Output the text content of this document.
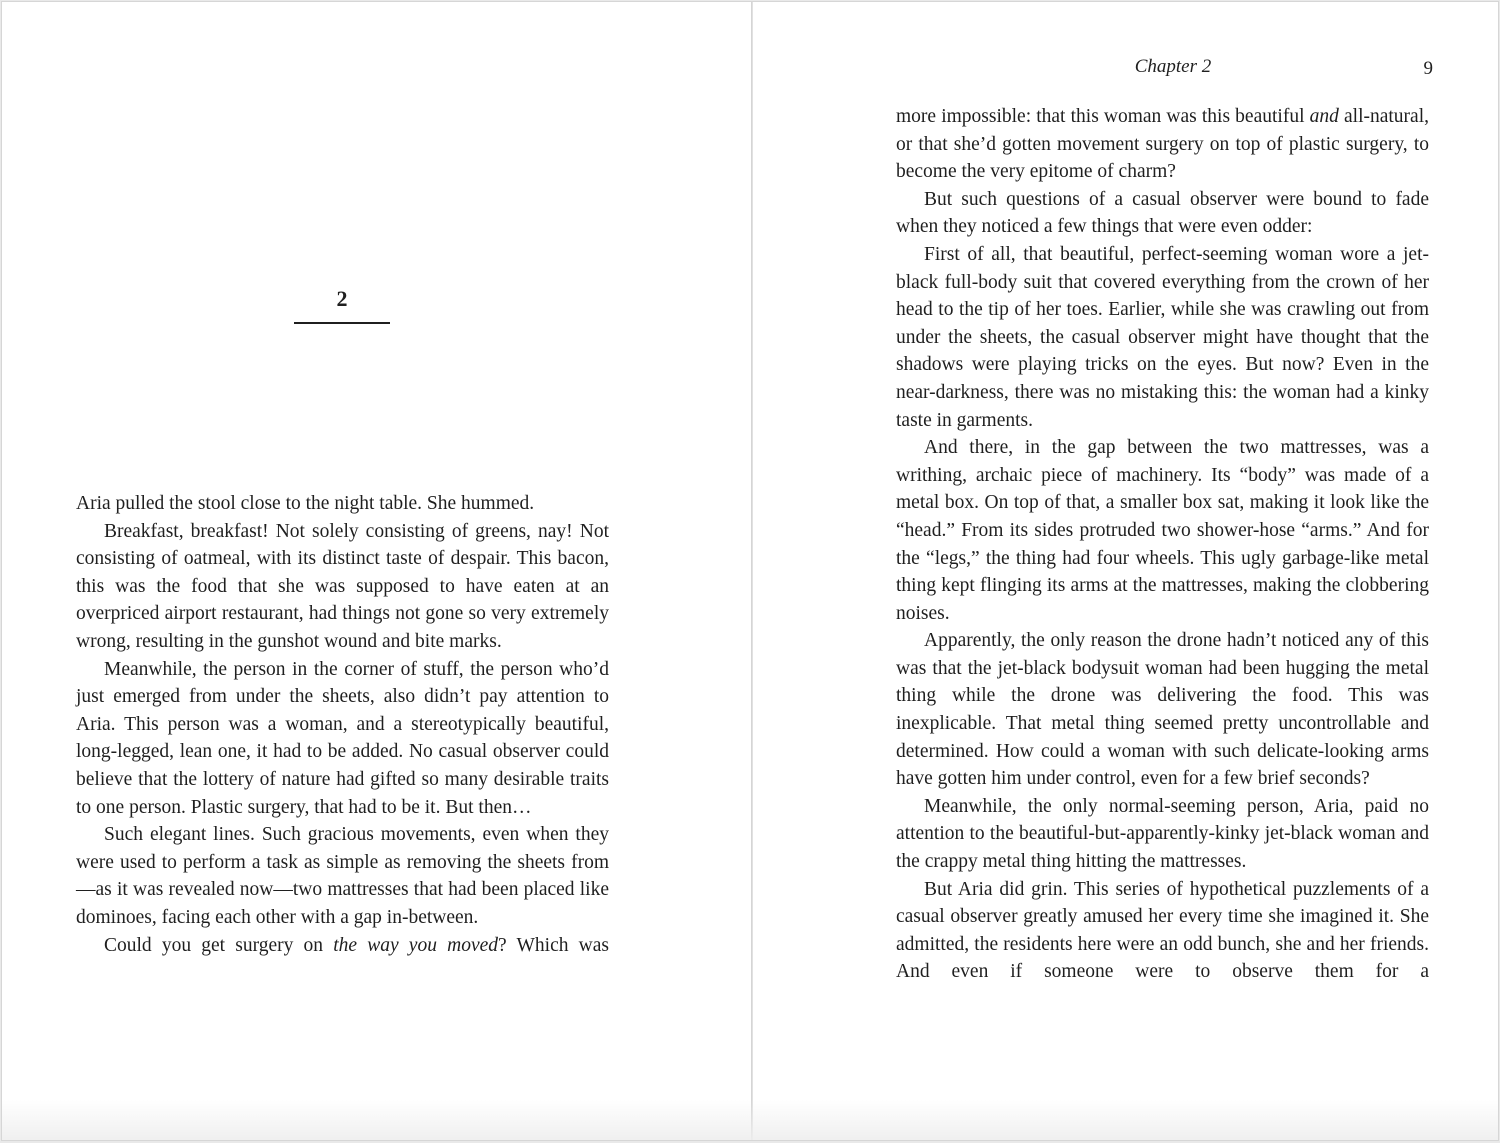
2

Aria pulled the stool close to the night table. She hummed.

Breakfast, breakfast! Not solely consisting of greens, nay! Not consisting of oatmeal, with its distinct taste of despair. This bacon, this was the food that she was supposed to have eaten at an overpriced airport restaurant, had things not gone so very extremely wrong, resulting in the gunshot wound and bite marks.

Meanwhile, the person in the corner of stuff, the person who’d just emerged from under the sheets, also didn’t pay attention to Aria. This person was a woman, and a stereotypically beautiful, long-legged, lean one, it had to be added. No casual observer could believe that the lottery of nature had gifted so many desirable traits to one person. Plastic surgery, that had to be it. But then…

Such elegant lines. Such gracious movements, even when they were used to perform a task as simple as removing the sheets from—as it was revealed now—two mattresses that had been placed like dominoes, facing each other with a gap in-between.

Could you get surgery on the way you moved? Which was

Chapter 2	9

more impossible: that this woman was this beautiful and all-natural, or that she’d gotten movement surgery on top of plastic surgery, to become the very epitome of charm?

But such questions of a casual observer were bound to fade when they noticed a few things that were even odder:

First of all, that beautiful, perfect-seeming woman wore a jet-black full-body suit that covered everything from the crown of her head to the tip of her toes. Earlier, while she was crawling out from under the sheets, the casual observer might have thought that the shadows were playing tricks on the eyes. But now? Even in the near-darkness, there was no mistaking this: the woman had a kinky taste in garments.

And there, in the gap between the two mattresses, was a writhing, archaic piece of machinery. Its “body” was made of a metal box. On top of that, a smaller box sat, making it look like the “head.” From its sides protruded two shower-hose “arms.” And for the “legs,” the thing had four wheels. This ugly garbage-like metal thing kept flinging its arms at the mattresses, making the clobbering noises.

Apparently, the only reason the drone hadn’t noticed any of this was that the jet-black bodysuit woman had been hugging the metal thing while the drone was delivering the food. This was inexplicable. That metal thing seemed pretty uncontrollable and determined. How could a woman with such delicate-looking arms have gotten him under control, even for a few brief seconds?

Meanwhile, the only normal-seeming person, Aria, paid no attention to the beautiful-but-apparently-kinky jet-black woman and the crappy metal thing hitting the mattresses.

But Aria did grin. This series of hypothetical puzzlements of a casual observer greatly amused her every time she imagined it. She admitted, the residents here were an odd bunch, she and her friends. And even if someone were to observe them for a
